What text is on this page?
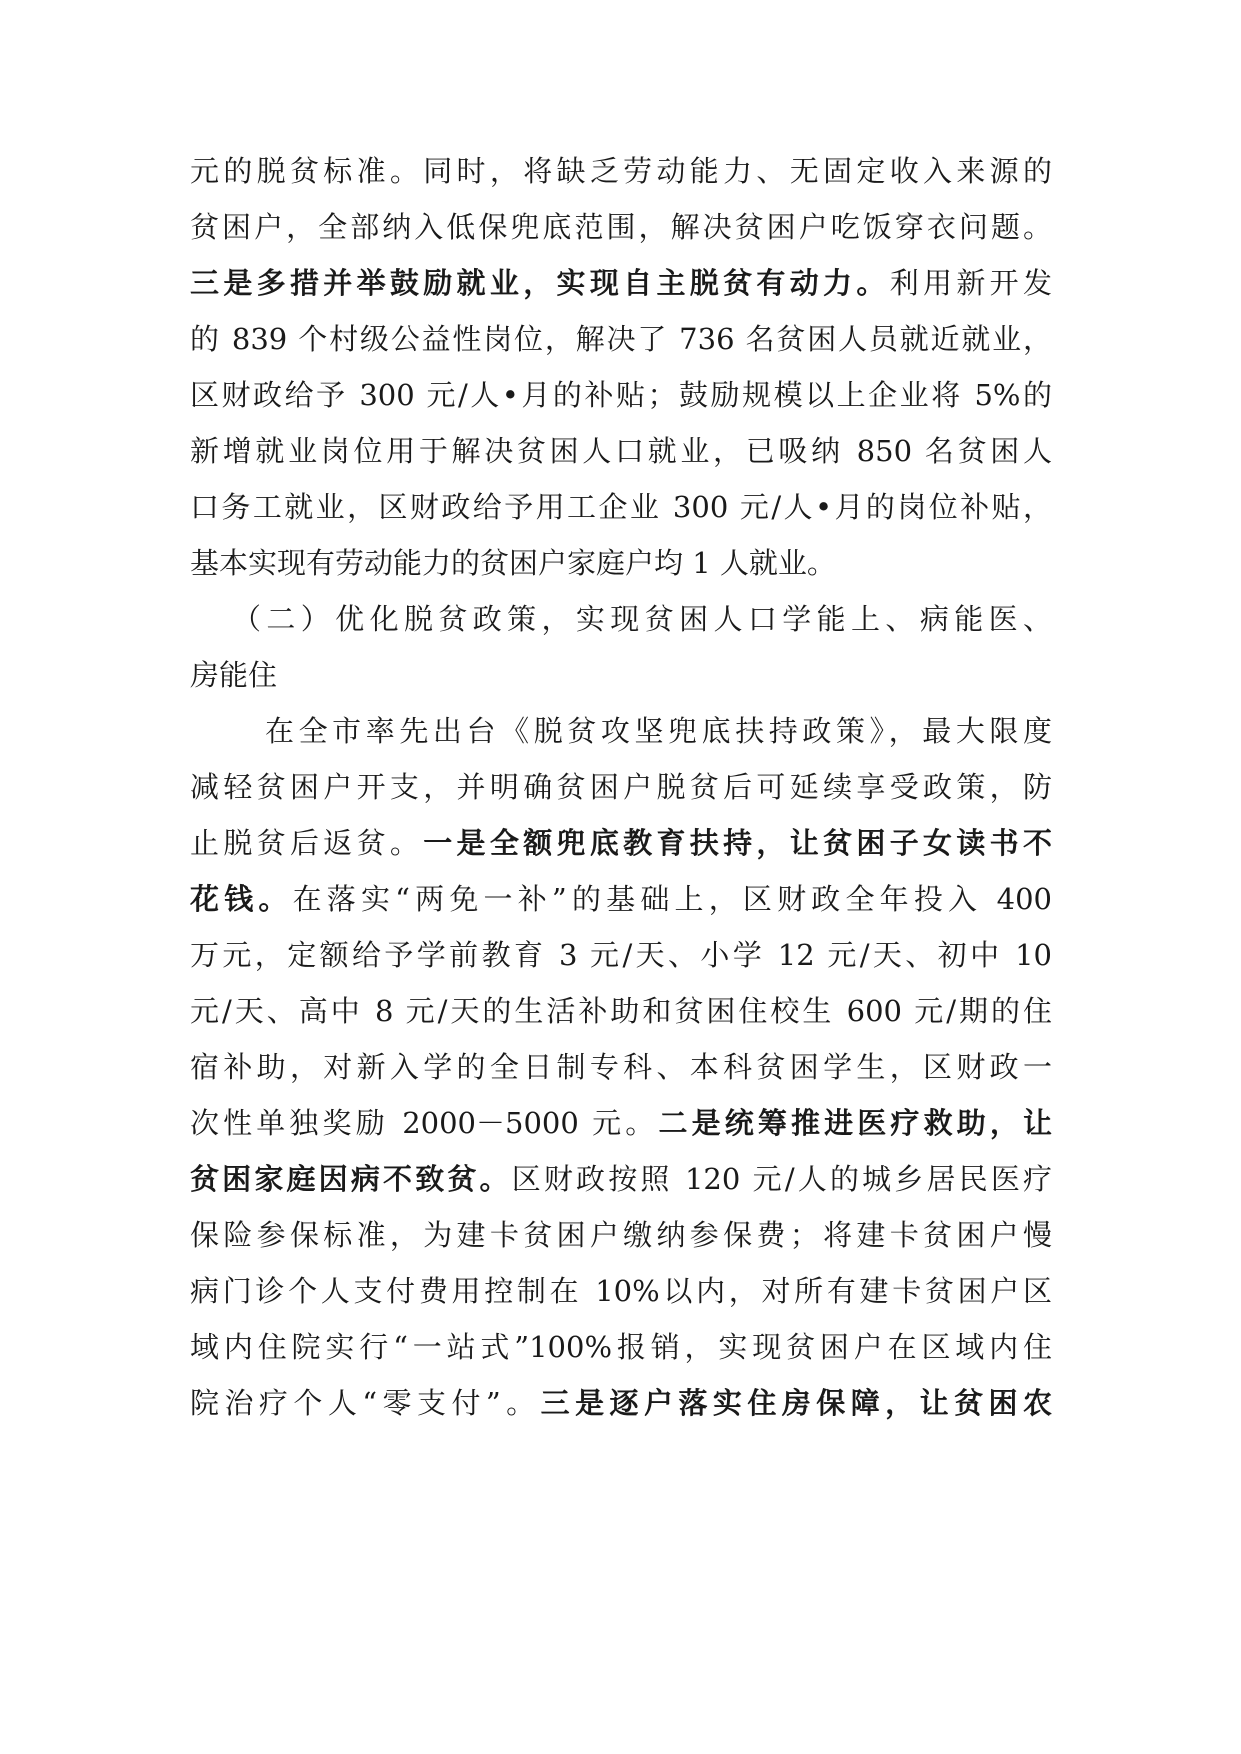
元的脱贫标准。同时，将缺乏劳动能力、无固定收入来源的
贫困户，全部纳入低保兜底范围，解决贫困户吃饭穿衣问题。
三是多措并举鼓励就业，实现自主脱贫有动力。利用新开发
的 839 个村级公益性岗位，解决了 736 名贫困人员就近就业，
区财政给予 300 元/人•月的补贴；鼓励规模以上企业将 5%的
新增就业岗位用于解决贫困人口就业，已吸纳 850 名贫困人
口务工就业，区财政给予用工企业 300 元/人•月的岗位补贴，
基本实现有劳动能力的贫困户家庭户均 1 人就业。
（二）优化脱贫政策，实现贫困人口学能上、病能医、
房能住
在全市率先出台《脱贫攻坚兜底扶持政策》，最大限度
减轻贫困户开支，并明确贫困户脱贫后可延续享受政策，防
止脱贫后返贫。一是全额兜底教育扶持，让贫困子女读书不
花钱。在落实“两免一补”的基础上，区财政全年投入 400
万元，定额给予学前教育 3 元/天、小学 12 元/天、初中 10
元/天、高中 8 元/天的生活补助和贫困住校生 600 元/期的住
宿补助，对新入学的全日制专科、本科贫困学生，区财政一
次性单独奖励 2000－5000 元。二是统筹推进医疗救助，让
贫困家庭因病不致贫。区财政按照 120 元/人的城乡居民医疗
保险参保标准，为建卡贫困户缴纳参保费；将建卡贫困户慢
病门诊个人支付费用控制在 10%以内，对所有建卡贫困户区
域内住院实行“一站式”100%报销，实现贫困户在区域内住
院治疗个人“零支付”。三是逐户落实住房保障，让贫困农
